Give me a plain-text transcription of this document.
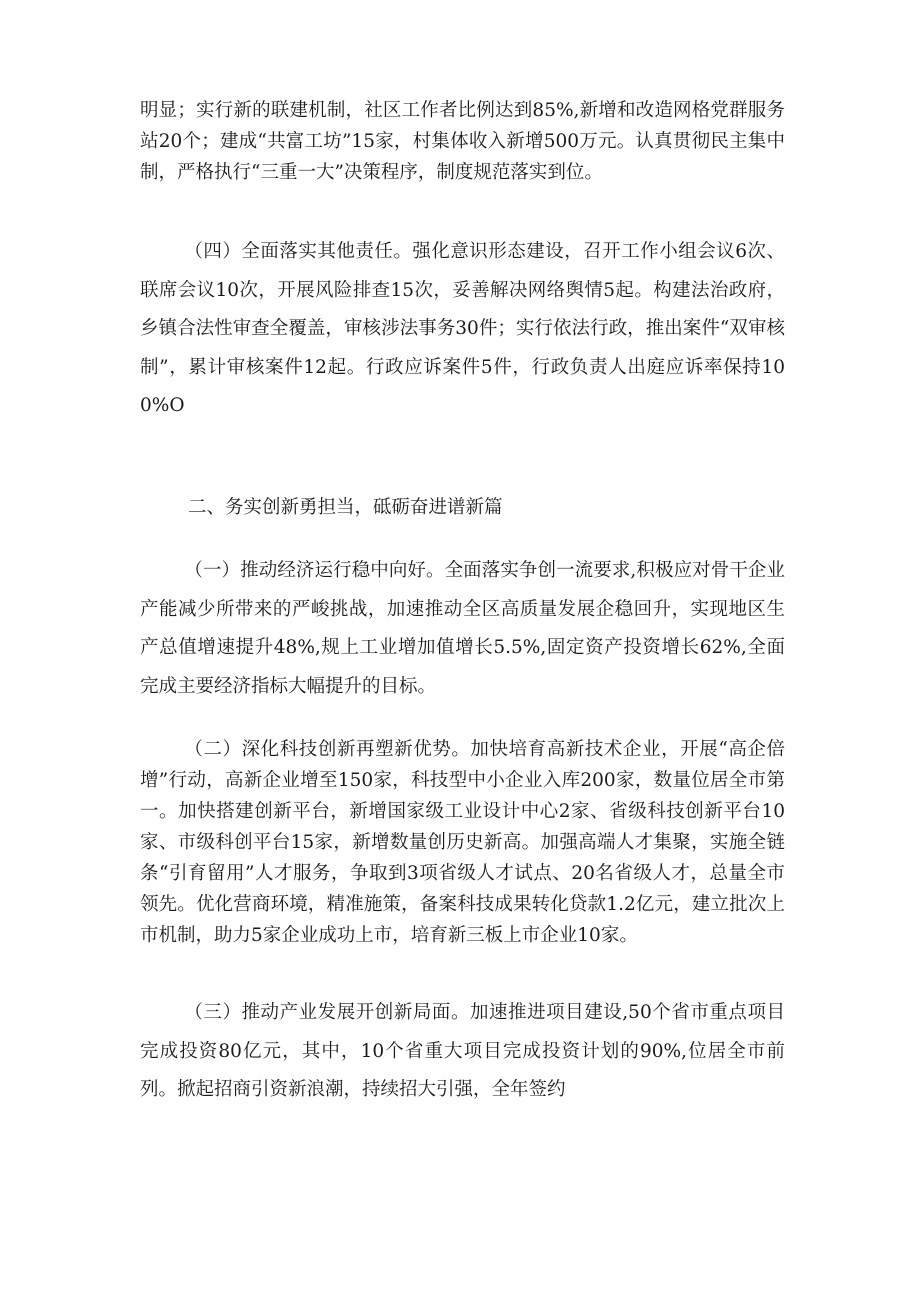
明显；实行新的联建机制，社区工作者比例达到85%,新增和改造网格党群服务站20个；建成“共富工坊”15家，村集体收入新增500万元。认真贯彻民主集中制，严格执行“三重一大”决策程序，制度规范落实到位。

（四）全面落实其他责任。强化意识形态建设，召开工作小组会议6次、联席会议10次，开展风险排查15次，妥善解决网络舆情5起。构建法治政府，乡镇合法性审查全覆盖，审核涉法事务30件；实行依法行政，推出案件“双审核制”，累计审核案件12起。行政应诉案件5件，行政负责人出庭应诉率保持100%O

二、务实创新勇担当，砥砺奋进谱新篇

（一）推动经济运行稳中向好。全面落实争创一流要求,积极应对骨干企业产能减少所带来的严峻挑战，加速推动全区高质量发展企稳回升，实现地区生产总值增速提升48%,规上工业增加值增长5.5%,固定资产投资增长62%,全面完成主要经济指标大幅提升的目标。

（二）深化科技创新再塑新优势。加快培育高新技术企业，开展“高企倍增”行动，高新企业增至150家，科技型中小企业入库200家，数量位居全市第一。加快搭建创新平台，新增国家级工业设计中心2家、省级科技创新平台10家、市级科创平台15家，新增数量创历史新高。加强高端人才集聚，实施全链条“引育留用”人才服务，争取到3项省级人才试点、20名省级人才，总量全市领先。优化营商环境，精准施策，备案科技成果转化贷款1.2亿元，建立批次上市机制，助力5家企业成功上市，培育新三板上市企业10家。

（三）推动产业发展开创新局面。加速推进项目建设,50个省市重点项目完成投资80亿元，其中，10个省重大项目完成投资计划的90%,位居全市前列。掀起招商引资新浪潮，持续招大引强，全年签约
